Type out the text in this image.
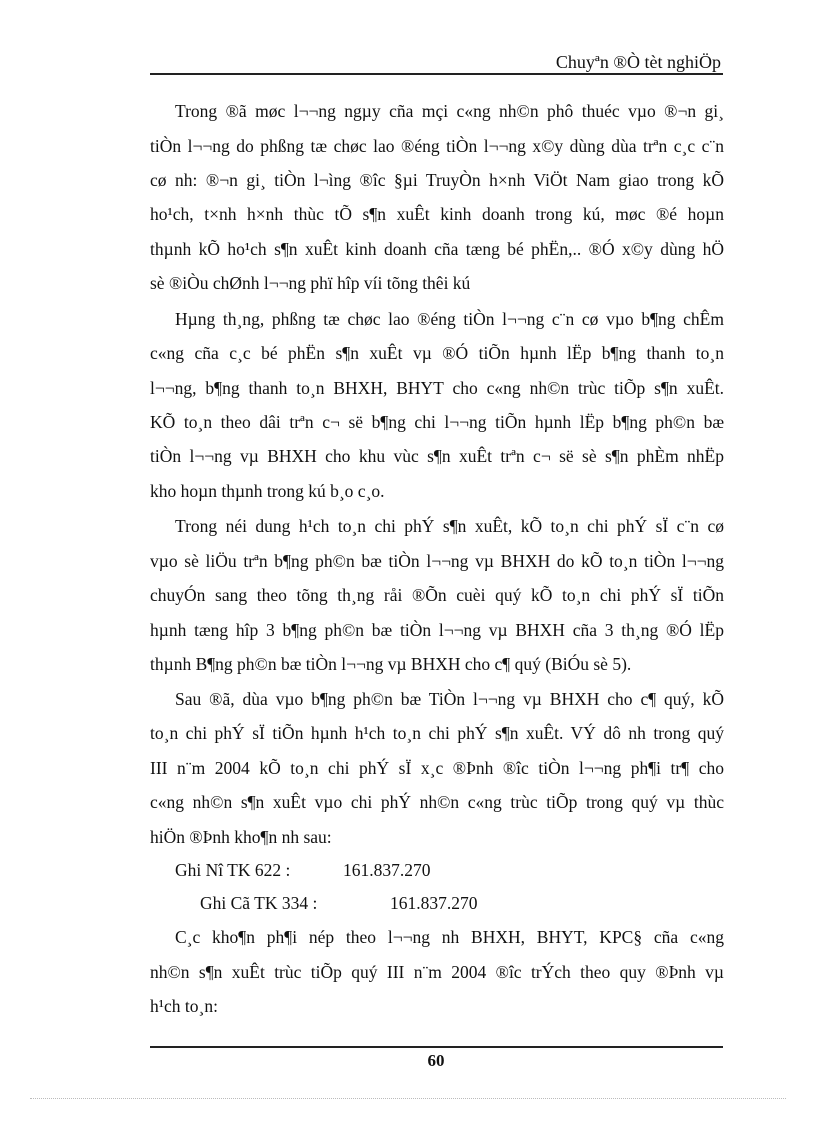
Chuyªn ®Ò tèt nghiÖp
Trong ®ã møc l¬¬ng ngµy cña mçi c«ng nh©n phô thuéc vµo ®¬n gi¸
tiÒn l¬¬ng do phßng tæ chøc lao ®éng tiÒn l¬¬ng x©y dùng dùa trªn c¸c c¨n
cø nh: ®¬n gi¸ tiÒn l¬ìng ®îc §µi TruyÒn h×nh ViÖt Nam giao trong kÕ
ho¹ch, t×nh h×nh thùc tÕ s¶n xuÊt kinh doanh trong kú, møc ®é hoµn
thµnh kÕ ho¹ch s¶n xuÊt kinh doanh cña tæng bé phËn,.. ®Ó x©y dùng hÖ
sè ®iÒu chØnh l¬¬ng phï hîp víi tõng thêi kú
Hµng th¸ng, phßng tæ chøc lao ®éng tiÒn l¬¬ng c¨n cø vµo b¶ng chÊm
c«ng cña c¸c bé phËn s¶n xuÊt vµ ®Ó tiÕn hµnh lËp b¶ng thanh to¸n
l¬¬ng, b¶ng thanh to¸n BHXH, BHYT cho c«ng nh©n trùc tiÕp s¶n xuÊt.
KÕ to¸n theo dâi trªn c¬ së b¶ng chi l¬¬ng tiÕn hµnh lËp b¶ng ph©n bæ
tiÒn l¬¬ng vµ BHXH cho khu vùc s¶n xuÊt trªn c¬ së sè s¶n phÈm nhËp
kho hoµn thµnh trong kú b¸o c¸o.
Trong néi dung h¹ch to¸n chi phÝ s¶n xuÊt, kÕ to¸n chi phÝ sÏ c¨n cø
vµo sè liÖu trªn b¶ng ph©n bæ tiÒn l¬¬ng vµ BHXH do kÕ to¸n tiÒn l¬¬ng
chuyÓn sang theo tõng th¸ng råi ®Õn cuèi quý kÕ to¸n chi phÝ sÏ tiÕn
hµnh tæng hîp 3 b¶ng ph©n bæ tiÒn l¬¬ng vµ BHXH cña 3 th¸ng ®Ó lËp
thµnh B¶ng ph©n bæ tiÒn l¬¬ng vµ BHXH cho c¶ quý (BiÓu sè 5).
Sau ®ã, dùa vµo b¶ng ph©n bæ TiÒn l¬¬ng vµ BHXH cho c¶ quý, kÕ
to¸n chi phÝ sÏ tiÕn hµnh h¹ch to¸n chi phÝ s¶n xuÊt. VÝ dô nh trong quý
III n¨m 2004 kÕ to¸n chi phÝ sÏ x¸c ®Þnh ®îc tiÒn l¬¬ng ph¶i tr¶ cho
c«ng nh©n s¶n xuÊt vµo chi phÝ nh©n c«ng trùc tiÕp trong quý vµ thùc
hiÖn ®Þnh kho¶n nh sau:
Ghi Nî TK 622 :	161.837.270
Ghi Cã TK 334 :	161.837.270
C¸c kho¶n ph¶i nép theo l¬¬ng nh BHXH, BHYT, KPC§ cña c«ng
nh©n s¶n xuÊt trùc tiÕp quý III n¨m 2004 ®îc trÝch theo quy ®Þnh vµ
h¹ch to¸n:
60
